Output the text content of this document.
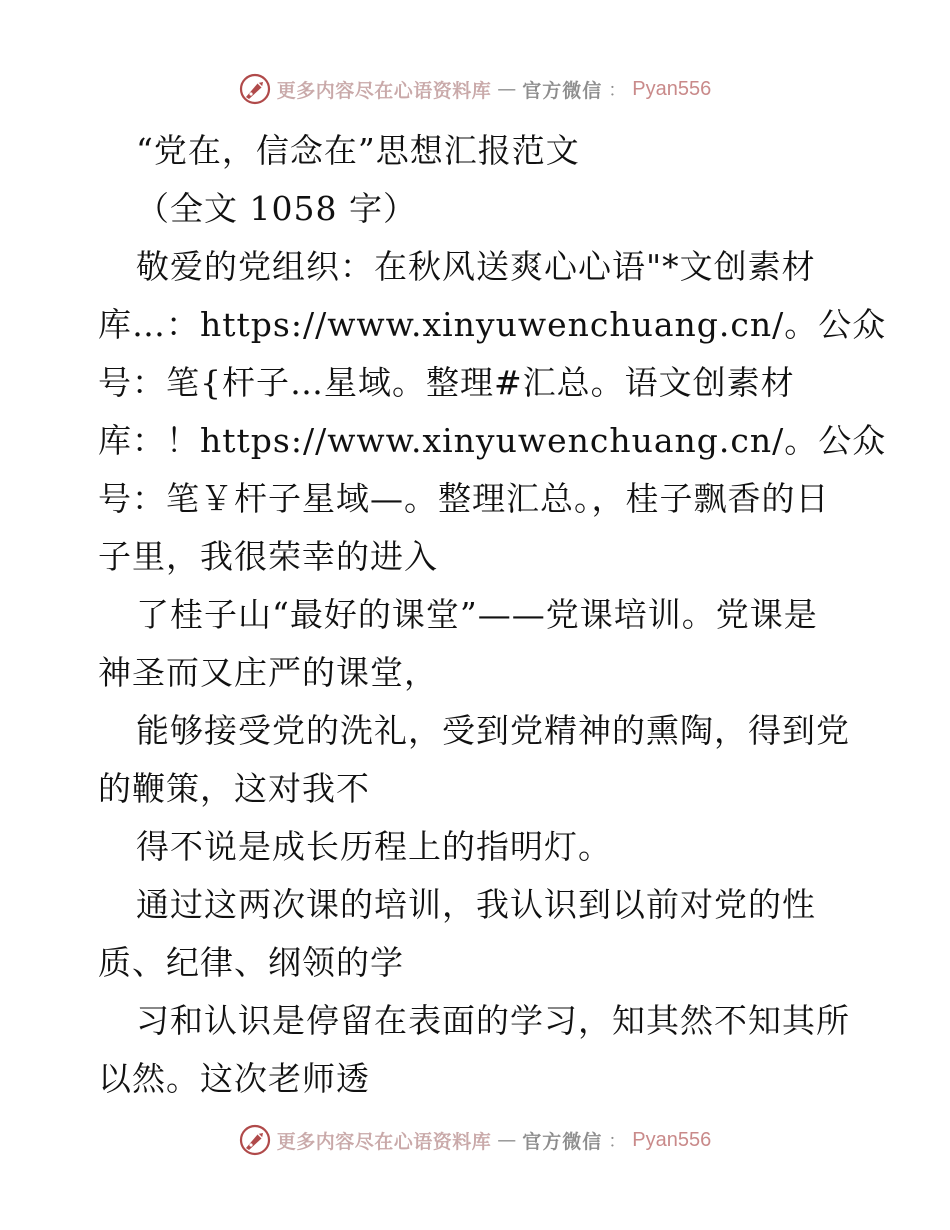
更多内容尽在心语资料库 — 官方微信 ： Pyan556
“党在，信念在”思想汇报范文
（全文 1058 字）
敬爱的党组织：在秋风送爽心心语"*文创素材
库…：https://www.xinyuwenchuang.cn/。公众
号：笔{杆子…星域。整理#汇总。语文创素材
库：！https://www.xinyuwenchuang.cn/。公众
号：笔￥杆子星域—。整理汇总。，桂子飘香的日
子里，我很荣幸的进入
了桂子山“最好的课堂”——党课培训。党课是
神圣而又庄严的课堂，
能够接受党的洗礼，受到党精神的熏陶，得到党
的鞭策，这对我不
得不说是成长历程上的指明灯。
通过这两次课的培训，我认识到以前对党的性
质、纪律、纲领的学
习和认识是停留在表面的学习，知其然不知其所
以然。这次老师透
更多内容尽在心语资料库 — 官方微信 ： Pyan556
